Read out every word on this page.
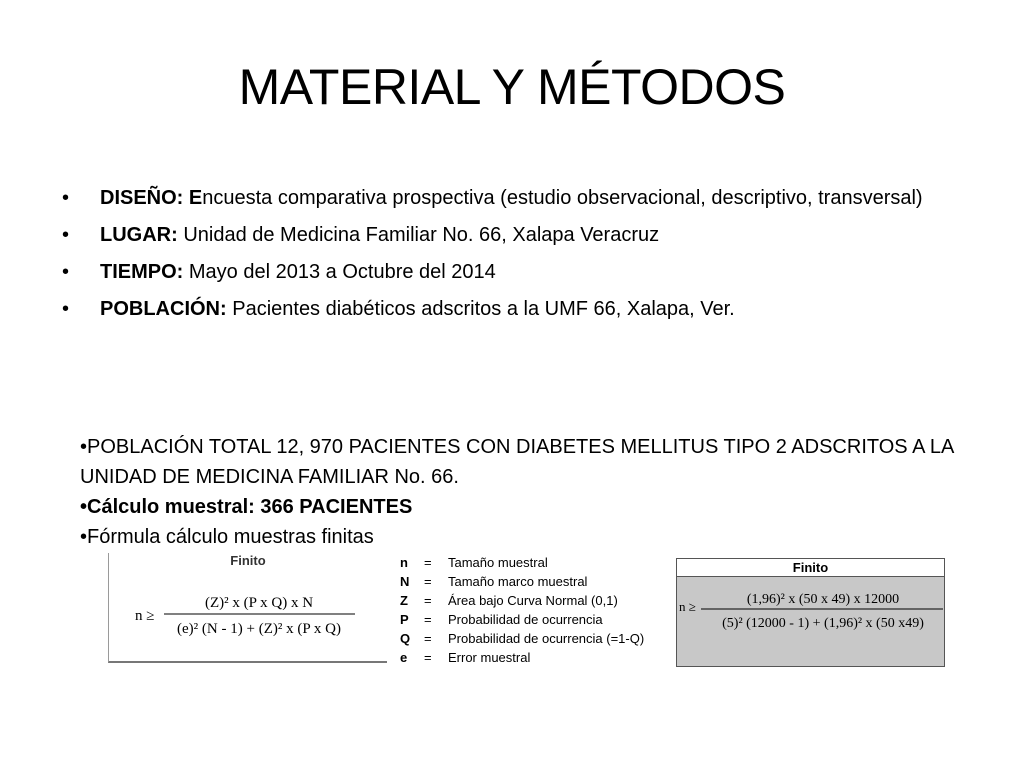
MATERIAL Y MÉTODOS
• DISEÑO: Encuesta comparativa prospectiva (estudio observacional, descriptivo, transversal)
• LUGAR: Unidad de Medicina Familiar No. 66, Xalapa Veracruz
• TIEMPO: Mayo del 2013 a Octubre del 2014
• POBLACIÓN: Pacientes diabéticos adscritos a la UMF 66, Xalapa, Ver.

•POBLACIÓN TOTAL 12, 970 PACIENTES CON DIABETES MELLITUS TIPO 2 ADSCRITOS A LA UNIDAD DE MEDICINA FAMILIAR No. 66.

•Cálculo muestral: 366 PACIENTES

•Fórmula cálculo muestras finitas

Finito
n ≥
(Z)² x (P x Q) x N
(e)² (N - 1) + (Z)² x (P x Q)
n	=	Tamaño muestral
N	=	Tamaño marco muestral
Z	=	Área bajo Curva Normal (0,1)
P	=	Probabilidad de ocurrencia
Q	=	Probabilidad de ocurrencia (=1-Q)
e	=	Error muestral
Finito
n ≥	(1,96)² x (50 x 49) x 12000
(5)² (12000 - 1) + (1,96)² x (50 x49)
